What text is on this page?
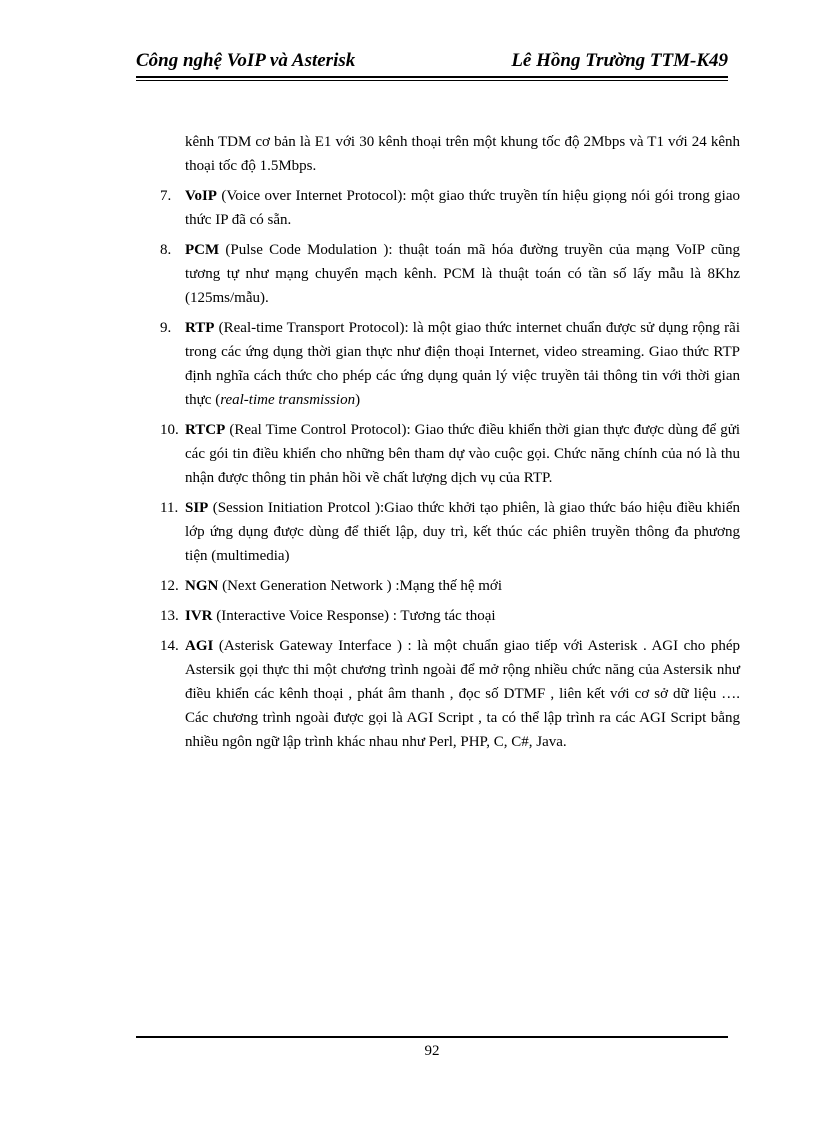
Công nghệ VoIP và Asterisk	Lê Hồng Trường TTM-K49

kênh TDM cơ bản là E1 với 30 kênh thoại trên một khung tốc độ 2Mbps và T1 với 24 kênh thoại tốc độ 1.5Mbps.

7. VoIP (Voice over Internet Protocol): một giao thức truyền tín hiệu giọng nói gói trong giao thức IP đã có sẵn.
8. PCM (Pulse Code Modulation ): thuật toán mã hóa đường truyền của mạng VoIP cũng tương tự như mạng chuyển mạch kênh. PCM là thuật toán có tần số lấy mẫu là 8Khz (125ms/mẫu).
9. RTP (Real-time Transport Protocol): là một giao thức internet chuẩn được sử dụng rộng rãi trong các ứng dụng thời gian thực như điện thoại Internet, video streaming. Giao thức RTP định nghĩa cách thức cho phép các ứng dụng quản lý việc truyền tải thông tin với thời gian thực (real-time transmission)
10. RTCP (Real Time Control Protocol): Giao thức điều khiển thời gian thực được dùng để gửi các gói tin điều khiển cho những bên tham dự vào cuộc gọi. Chức năng chính của nó là thu nhận được thông tin phản hồi về chất lượng dịch vụ của RTP.
11. SIP (Session Initiation Protcol ):Giao thức khởi tạo phiên, là giao thức báo hiệu điều khiển lớp ứng dụng được dùng để thiết lập, duy trì, kết thúc các phiên truyền thông đa phương tiện (multimedia)
12. NGN (Next Generation Network ) :Mạng thế hệ mới
13. IVR (Interactive Voice Response) : Tương tác thoại
14. AGI (Asterisk Gateway Interface ) : là một chuẩn giao tiếp với Asterisk . AGI cho phép Astersik gọi thực thi một chương trình ngoài để mở rộng nhiều chức năng của Astersik như điều khiển các kênh thoại , phát âm thanh , đọc số DTMF , liên kết với cơ sở dữ liệu …. Các chương trình ngoài được gọi là AGI Script , ta có thể lập trình ra các AGI Script bằng nhiều ngôn ngữ lập trình khác nhau như Perl, PHP, C, C#, Java.
92
